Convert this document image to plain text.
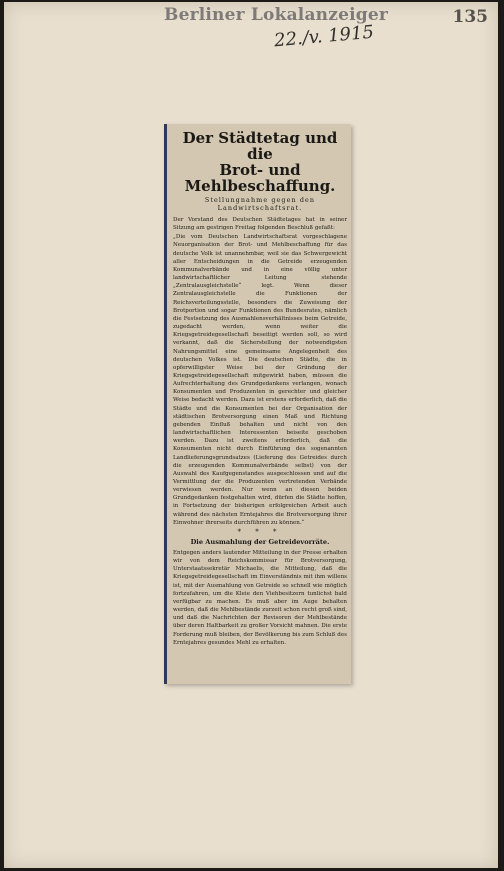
Berliner Lokalanzeiger	135
22./v. 1915
Der Städtetag und die
Brot- und Mehlbeschaffung.
Stellungnahme gegen den Landwirtschaftsrat.

Der Vorstand des Deutschen Städtetages hat in seiner Sitzung am gestrigen Freitag folgenden Beschluß gefaßt:

„Die vom Deutschen Landwirtschaftsrat vorgeschlagene Neuorganisation der Brot- und Mehlbeschaffung für das deutsche Volk ist unannehmbar, weil sie das Schwergewicht aller Entscheidungen in die Getreide erzeugenden Kommunalverbände und in eine völlig unter landwirtschaftlicher Leitung stehende „Zentralausgleichstelle“ legt. Wenn dieser Zentralausgleichstelle die Funktionen der Reichsverteilungsstelle, besonders die Zuweisung der Brotportion und sogar Funktionen des Bundesrates, nämlich die Festsetzung des Ausmahlensverhältnisses beim Getreide, zugedacht werden, wenn weiter die Kriegsgetreidegesellschaft beseitigt werden soll, so wird verkannt, daß die Sicherstellung der notwendigsten Nahrungsmittel eine gemeinsame Angelegenheit des deutschen Volkes ist. Die deutschen Städte, die in opferwilligster Weise bei der Gründung der Kriegsgetreidegesellschaft mitgewirkt haben, müssen die Aufrechterhaltung des Grundgedankens verlangen, wonach Konsumenten und Produzenten in gerechter und gleicher Weise bedacht werden. Dazu ist erstens erforderlich, daß die Städte und die Konsumenten bei der Organisation der städtischen Brotversorgung einen Maß und Richtung gebenden Einfluß behalten und nicht von den landwirtschaftlichen Interessenten beiseite geschoben werden. Dazu ist zweitens erforderlich, daß die Konsumenten nicht durch Einführung des sogenannten Landlieferungsgrundsatzes (Lieferung des Getreides durch die erzeugenden Kommunalverbände selbst) von der Auswahl des Kaufgegenstandes ausgeschlossen und auf die Vermittlung der die Produzenten vertretenden Verbände verwiesen werden. Nur wenn an diesen beiden Grundgedanken festgehalten wird, dürfen die Städte hoffen, in Fortsetzung der bisherigen erfolgreichen Arbeit auch während des nächsten Erntejahres die Brotversorgung ihrer Einwohner ihrerseits durchführen zu können.“

* * *
Die Ausmahlung der Getreidevorräte.

Entgegen anders lautender Mitteilung in der Presse erhalten wir von dem Reichskommissar für Brotversorgung, Unterstaatssekretär Michaelis, die Mitteilung, daß die Kriegsgetreidegesellschaft im Einverständnis mit ihm willens ist, mit der Ausmahlung von Getreide so schnell wie möglich fortzufahren, um die Kleie den Viehbesitzern tunlichst bald verfügbar zu machen. Es muß aber im Auge behalten werden, daß die Mehlbestände zurzeit schon recht groß sind, und daß die Nachrichten der Revisoren der Mehlbestände über deren Haltbarkeit zu großer Vorsicht mahnen. Die erste Forderung muß bleiben, der Bevölkerung bis zum Schluß des Erntejahres gesundes Mehl zu erhalten.
